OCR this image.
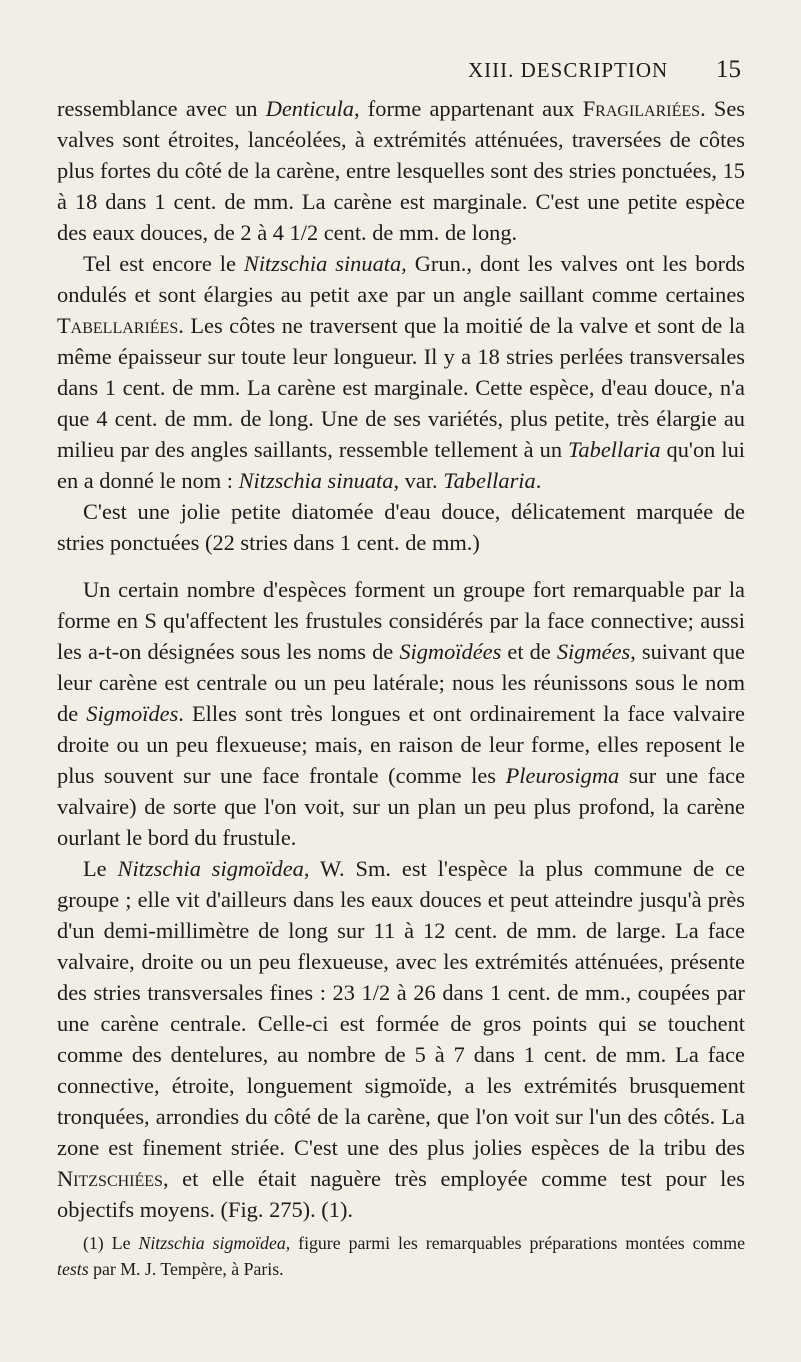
XIII. DESCRIPTION 15

ressemblance avec un Denticula, forme appartenant aux Fragilariées. Ses valves sont étroites, lancéolées, à extrémités atténuées, traversées de côtes plus fortes du côté de la carène, entre lesquelles sont des stries ponctuées, 15 à 18 dans 1 cent. de mm. La carène est marginale. C'est une petite espèce des eaux douces, de 2 à 4 1/2 cent. de mm. de long.

Tel est encore le Nitzschia sinuata, Grun., dont les valves ont les bords ondulés et sont élargies au petit axe par un angle saillant comme certaines Tabellariées. Les côtes ne traversent que la moitié de la valve et sont de la même épaisseur sur toute leur longueur. Il y a 18 stries perlées transversales dans 1 cent. de mm. La carène est marginale. Cette espèce, d'eau douce, n'a que 4 cent. de mm. de long. Une de ses variétés, plus petite, très élargie au milieu par des angles saillants, ressemble tellement à un Tabellaria qu'on lui en a donné le nom : Nitzschia sinuata, var. Tabellaria.

C'est une jolie petite diatomée d'eau douce, délicatement marquée de stries ponctuées (22 stries dans 1 cent. de mm.)

Un certain nombre d'espèces forment un groupe fort remarquable par la forme en S qu'affectent les frustules considérés par la face connective; aussi les a-t-on désignées sous les noms de Sigmoïdées et de Sigmées, suivant que leur carène est centrale ou un peu latérale; nous les réunissons sous le nom de Sigmoïdes. Elles sont très longues et ont ordinairement la face valvaire droite ou un peu flexueuse; mais, en raison de leur forme, elles reposent le plus souvent sur une face frontale (comme les Pleurosigma sur une face valvaire) de sorte que l'on voit, sur un plan un peu plus profond, la carène ourlant le bord du frustule.

Le Nitzschia sigmoïdea, W. Sm. est l'espèce la plus commune de ce groupe ; elle vit d'ailleurs dans les eaux douces et peut atteindre jusqu'à près d'un demi-millimètre de long sur 11 à 12 cent. de mm. de large. La face valvaire, droite ou un peu flexueuse, avec les extrémités atténuées, présente des stries transversales fines : 23 1/2 à 26 dans 1 cent. de mm., coupées par une carène centrale. Celle-ci est formée de gros points qui se touchent comme des dentelures, au nombre de 5 à 7 dans 1 cent. de mm. La face connective, étroite, longuement sigmoïde, a les extrémités brusquement tronquées, arrondies du côté de la carène, que l'on voit sur l'un des côtés. La zone est finement striée. C'est une des plus jolies espèces de la tribu des Nitzschiées, et elle était naguère très employée comme test pour les objectifs moyens. (Fig. 275). (1).

(1) Le Nitzschia sigmoïdea, figure parmi les remarquables préparations montées comme tests par M. J. Tempère, à Paris.
